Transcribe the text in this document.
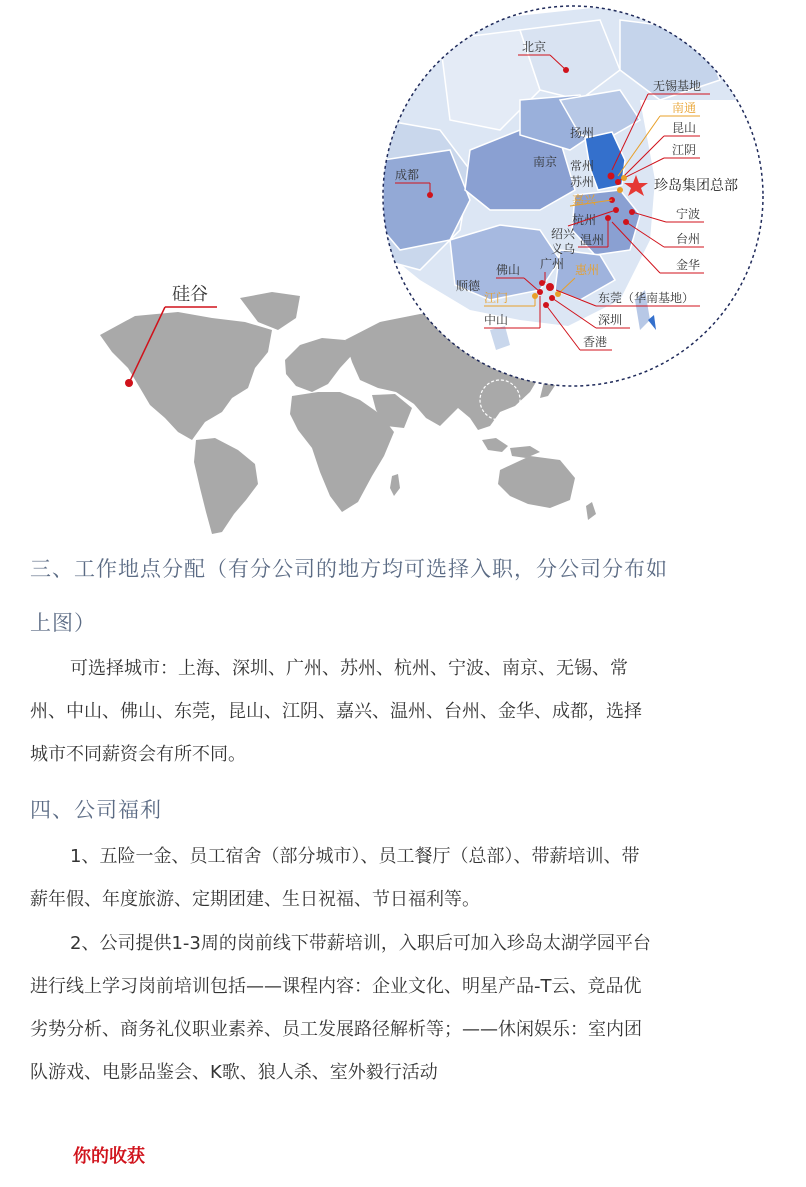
硅谷
北京
成都
南京
扬州
常州
苏州
无锡基地
南通
昆山
江阴
珍岛集团总部
嘉兴
杭州
绍兴
义乌
温州
宁波
台州
金华
佛山 广州 惠州
顺德
江门
中山
东莞（华南基地）
深圳
香港

三、工作地点分配（有分公司的地方均可选择入职，分公司分布如

上图）

可选择城市：上海、深圳、广州、苏州、杭州、宁波、南京、无锡、常

州、中山、佛山、东莞，昆山、江阴、嘉兴、温州、台州、金华、成都，选择

城市不同薪资会有所不同。

四、公司福利

1、五险一金、员工宿舍（部分城市）、员工餐厅（总部）、带薪培训、带

薪年假、年度旅游、定期团建、生日祝福、节日福利等。

2、公司提供1-3周的岗前线下带薪培训，入职后可加入珍岛太湖学园平台

进行线上学习岗前培训包括——课程内容：企业文化、明星产品-T云、竞品优

劣势分析、商务礼仪职业素养、员工发展路径解析等；——休闲娱乐：室内团

队游戏、电影品鉴会、K歌、狼人杀、室外毅行活动

你的收获
